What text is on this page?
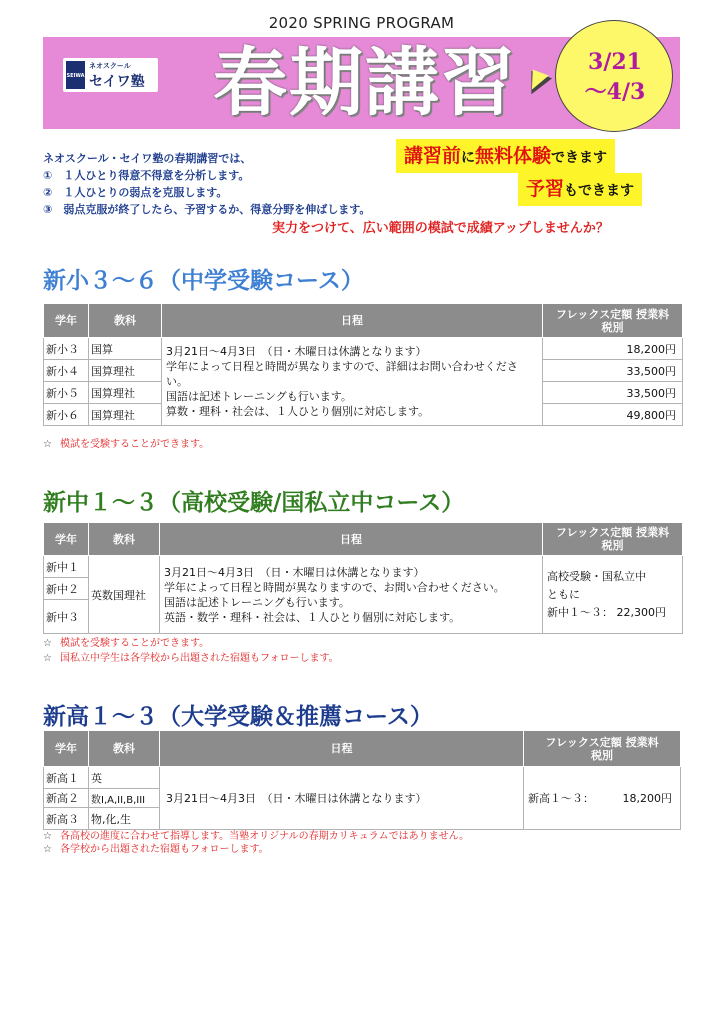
2020 SPRING PROGRAM
SEIWA
ネオスクール
セイワ塾 春期講習	3/21
〜4/3
ネオスクール・セイワ塾の春期講習では、
①　１人ひとり得意不得意を分析します。
②　１人ひとりの弱点を克服します。
③　弱点克服が終了したら、予習するか、得意分野を伸ばします。
講習前に無料体験できます
予習もできます
実力をつけて、広い範囲の模試で成績アップしませんか？
新小３〜６（中学受験コース）
学年	教科	日程	フレックス定額 授業料
税別
新小３	国算	3月21日〜4月3日　（日・木曜日は休講となります）
学年によって日程と時間が異なりますので、詳細はお問い合わせください。
国語は記述トレーニングも行います。
算数・理科・社会は、１人ひとり個別に対応します。	18,200円
新小４	国算理社		33,500円
新小５	国算理社		33,500円
新小６	国算理社		49,800円
☆ 模試を受験することができます。
新中１〜３（高校受験/国私立中コース）
学年	教科	日程	フレックス定額 授業料
税別
新中１	英数国理社	3月21日〜4月3日　（日・木曜日は休講となります）
学年によって日程と時間が異なりますので、お問い合わせください。
国語は記述トレーニングも行います。
英語・数学・理科・社会は、１人ひとり個別に対応します。	高校受験・国私立中
ともに
新中１〜３： 22,300円

新中２			
新中３			
☆ 模試を受験することができます。
☆ 国私立中学生は各学校から出題された宿題もフォローします。
新高１〜３（大学受験＆推薦コース）
学年	教科	日程	フレックス定額 授業料
税別
新高１	英	3月21日〜4月3日　（日・木曜日は休講となります）	新高１〜３： 18,200円

新高２	数I,A,II,B,III		
新高３	物,化,生		
☆ 各高校の進度に合わせて指導します。当塾オリジナルの春期カリキュラムではありません。
☆ 各学校から出題された宿題もフォローします。
